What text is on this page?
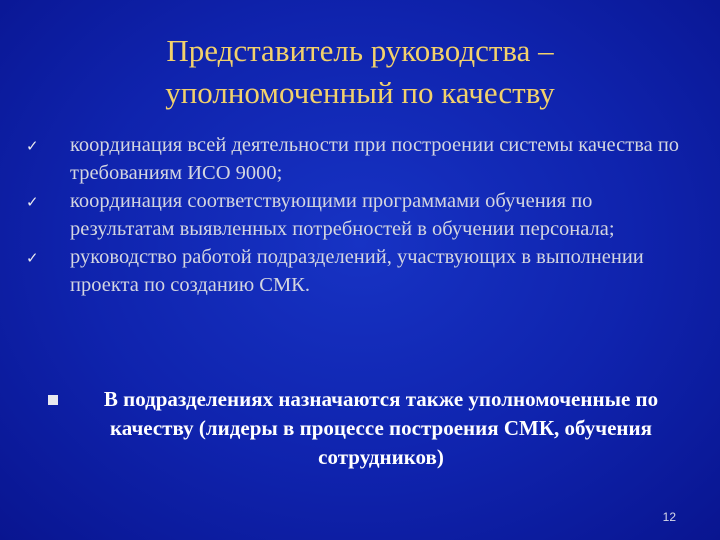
Представитель руководства – уполномоченный по качеству
✓ координация всей деятельности при построении системы качества по требованиям ИСО 9000;
✓ координация соответствующими программами обучения по результатам выявленных потребностей в обучении персонала;
✓ руководство работой подразделений, участвующих в выполнении проекта по созданию СМК.
В подразделениях назначаются также уполномоченные по качеству (лидеры в процессе построения СМК, обучения сотрудников)
12
